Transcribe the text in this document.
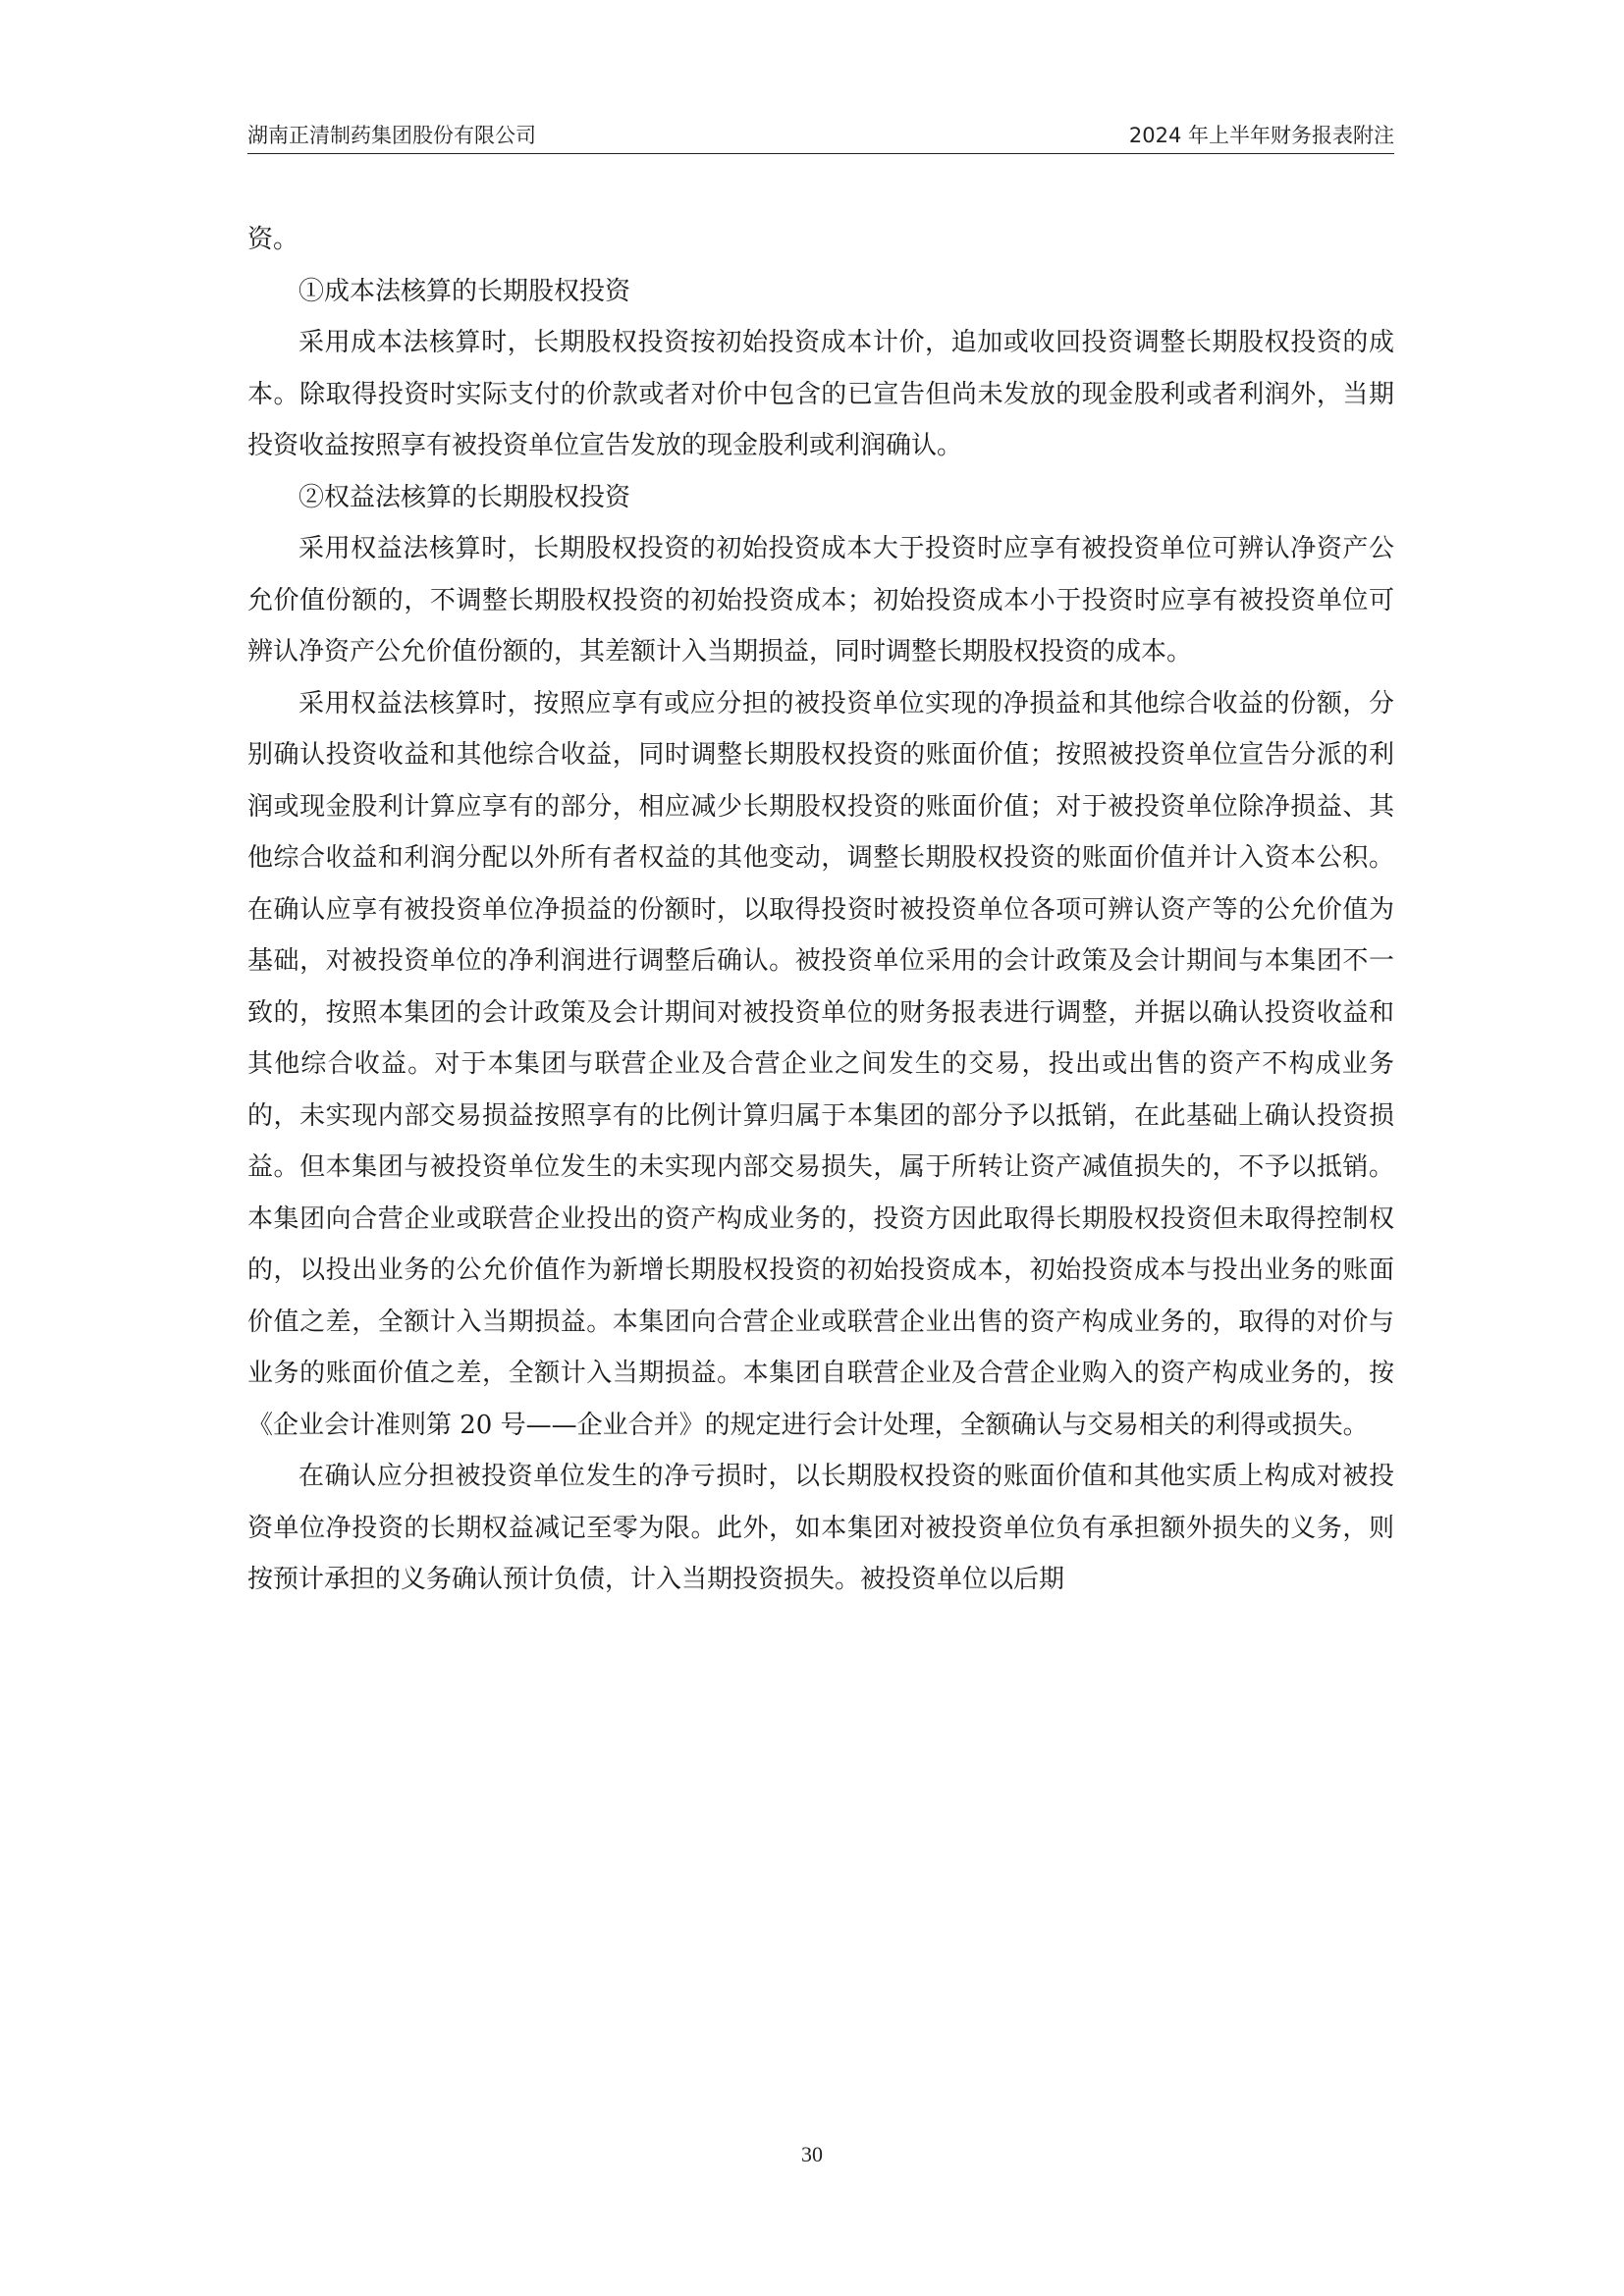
湖南正清制药集团股份有限公司	2024 年上半年财务报表附注

资。

①成本法核算的长期股权投资

采用成本法核算时，长期股权投资按初始投资成本计价，追加或收回投资调整长期股权投资的成本。除取得投资时实际支付的价款或者对价中包含的已宣告但尚未发放的现金股利或者利润外，当期投资收益按照享有被投资单位宣告发放的现金股利或利润确认。

②权益法核算的长期股权投资

采用权益法核算时，长期股权投资的初始投资成本大于投资时应享有被投资单位可辨认净资产公允价值份额的，不调整长期股权投资的初始投资成本；初始投资成本小于投资时应享有被投资单位可辨认净资产公允价值份额的，其差额计入当期损益，同时调整长期股权投资的成本。

采用权益法核算时，按照应享有或应分担的被投资单位实现的净损益和其他综合收益的份额，分别确认投资收益和其他综合收益，同时调整长期股权投资的账面价值；按照被投资单位宣告分派的利润或现金股利计算应享有的部分，相应减少长期股权投资的账面价值；对于被投资单位除净损益、其他综合收益和利润分配以外所有者权益的其他变动，调整长期股权投资的账面价值并计入资本公积。在确认应享有被投资单位净损益的份额时，以取得投资时被投资单位各项可辨认资产等的公允价值为基础，对被投资单位的净利润进行调整后确认。被投资单位采用的会计政策及会计期间与本集团不一致的，按照本集团的会计政策及会计期间对被投资单位的财务报表进行调整，并据以确认投资收益和其他综合收益。对于本集团与联营企业及合营企业之间发生的交易，投出或出售的资产不构成业务的，未实现内部交易损益按照享有的比例计算归属于本集团的部分予以抵销，在此基础上确认投资损益。但本集团与被投资单位发生的未实现内部交易损失，属于所转让资产减值损失的，不予以抵销。本集团向合营企业或联营企业投出的资产构成业务的，投资方因此取得长期股权投资但未取得控制权的，以投出业务的公允价值作为新增长期股权投资的初始投资成本，初始投资成本与投出业务的账面价值之差，全额计入当期损益。本集团向合营企业或联营企业出售的资产构成业务的，取得的对价与业务的账面价值之差，全额计入当期损益。本集团自联营企业及合营企业购入的资产构成业务的，按《企业会计准则第 20 号——企业合并》的规定进行会计处理，全额确认与交易相关的利得或损失。

在确认应分担被投资单位发生的净亏损时，以长期股权投资的账面价值和其他实质上构成对被投资单位净投资的长期权益减记至零为限。此外，如本集团对被投资单位负有承担额外损失的义务，则按预计承担的义务确认预计负债，计入当期投资损失。被投资单位以后期

30
